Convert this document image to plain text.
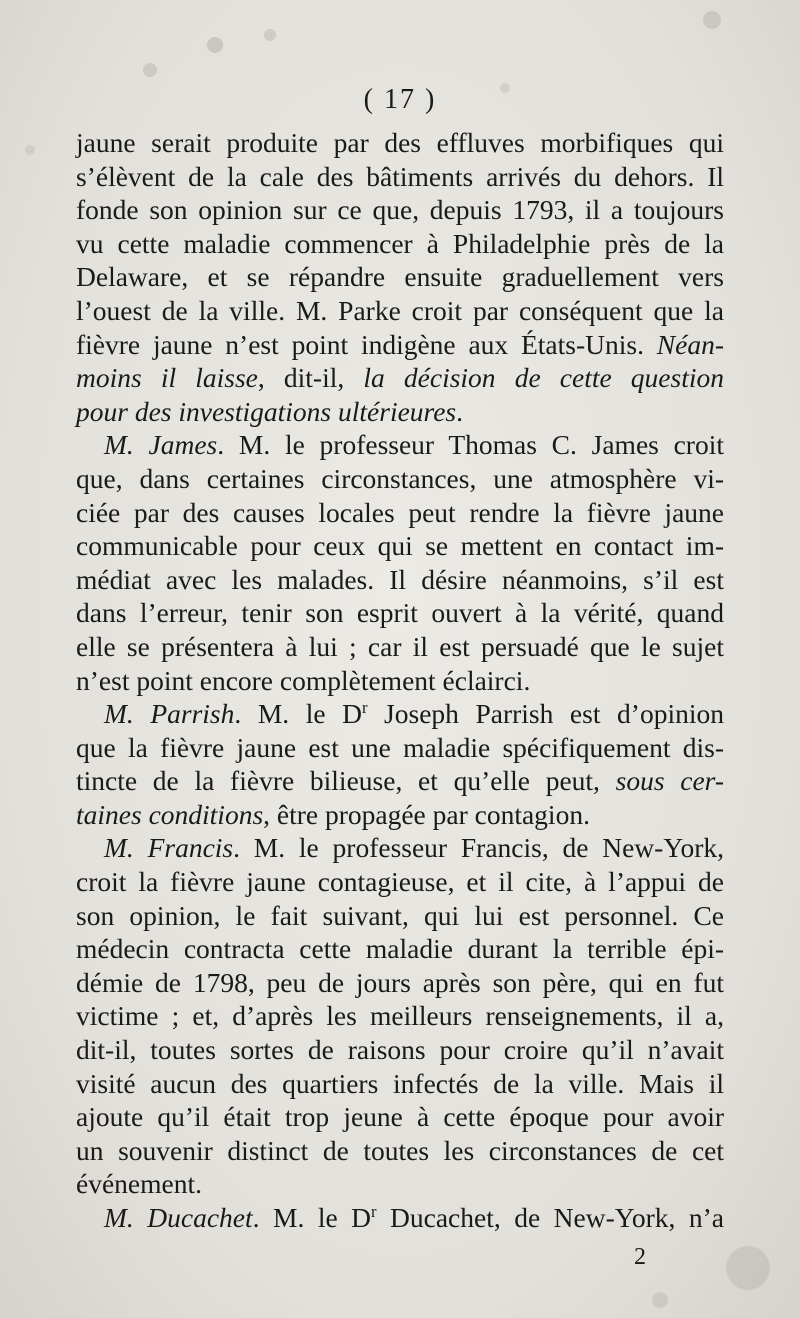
( 17 )
jaune serait produite par des effluves morbifiques qui
s’élèvent de la cale des bâtiments arrivés du dehors. Il
fonde son opinion sur ce que, depuis 1793, il a toujours
vu cette maladie commencer à Philadelphie près de la
Delaware, et se répandre ensuite graduellement vers
l’ouest de la ville. M. Parke croit par conséquent que la
fièvre jaune n’est point indigène aux États-Unis. Néan-
moins il laisse, dit-il, la décision de cette question
pour des investigations ultérieures.
M. James. M. le professeur Thomas C. James croit
que, dans certaines circonstances, une atmosphère vi-
ciée par des causes locales peut rendre la fièvre jaune
communicable pour ceux qui se mettent en contact im-
médiat avec les malades. Il désire néanmoins, s’il est
dans l’erreur, tenir son esprit ouvert à la vérité, quand
elle se présentera à lui ; car il est persuadé que le sujet
n’est point encore complètement éclairci.
M. Parrish. M. le $D^r$ Joseph Parrish est d’opinion
que la fièvre jaune est une maladie spécifiquement dis-
tincte de la fièvre bilieuse, et qu’elle peut, sous cer-
taines conditions, être propagée par contagion.
M. Francis. M. le professeur Francis, de New-York,
croit la fièvre jaune contagieuse, et il cite, à l’appui de
son opinion, le fait suivant, qui lui est personnel. Ce
médecin contracta cette maladie durant la terrible épi-
démie de 1798, peu de jours après son père, qui en fut
victime ; et, d’après les meilleurs renseignements, il a,
dit-il, toutes sortes de raisons pour croire qu’il n’avait
visité aucun des quartiers infectés de la ville. Mais il
ajoute qu’il était trop jeune à cette époque pour avoir
un souvenir distinct de toutes les circonstances de cet
événement.
M. Ducachet. M. le $D^r$ Ducachet, de New-York, n’a
2
